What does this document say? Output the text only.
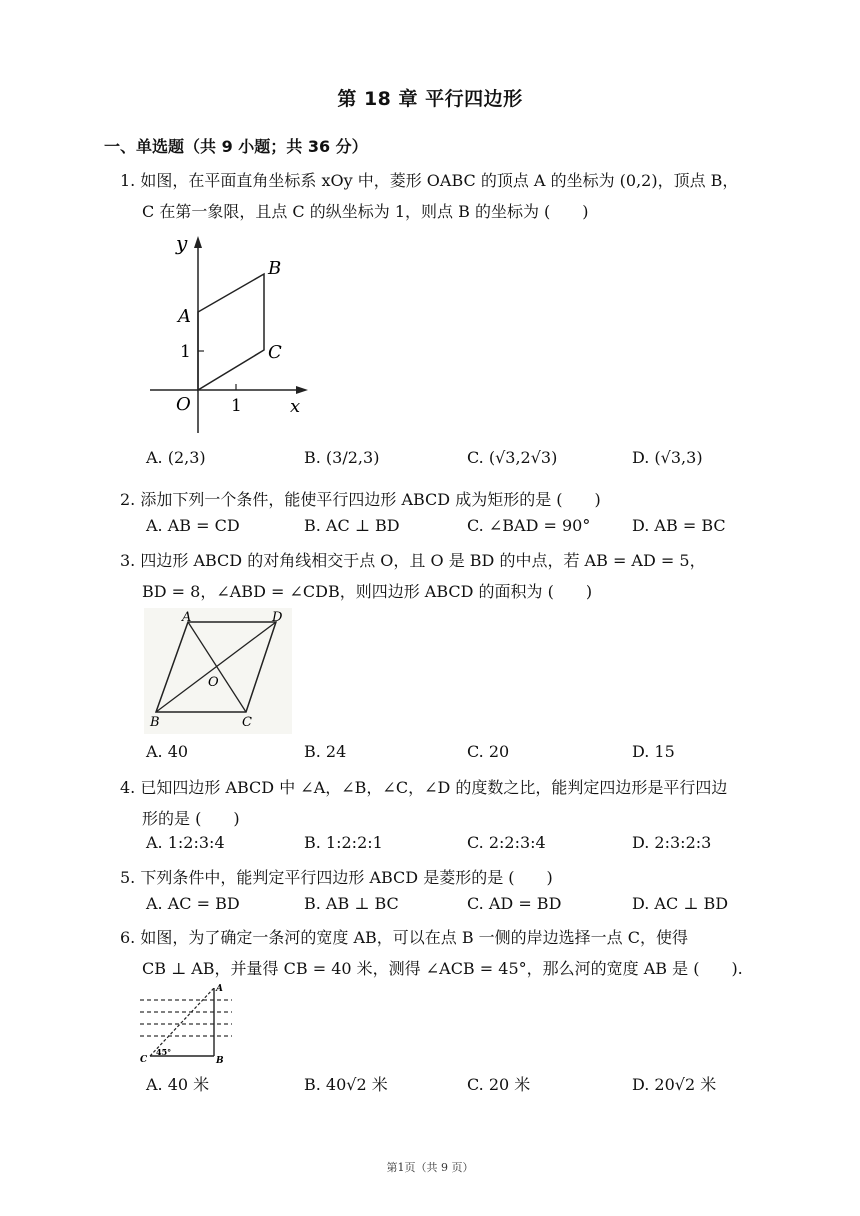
第 18 章 平行四边形
一、单选题（共 9 小题；共 36 分）
1. 如图，在平面直角坐标系 xOy 中，菱形 OABC 的顶点 A 的坐标为 (0,2)，顶点 B，
C 在第一象限，且点 C 的纵坐标为 1，则点 B 的坐标为 (　　)
y
B
A
1	C
O 1	x
A. (2,3)	B. (3/2,3)	C. (√3,2√3)	D. (√3,3)
2. 添加下列一个条件，能使平行四边形 ABCD 成为矩形的是 (　　)
A. AB = CD	B. AC ⊥ BD	C. ∠BAD = 90°	D. AB = BC
3. 四边形 ABCD 的对角线相交于点 O，且 O 是 BD 的中点，若 AB = AD = 5，
BD = 8，∠ABD = ∠CDB，则四边形 ABCD 的面积为 (　　)
A	D
O
B	C
A. 40	B. 24	C. 20	D. 15
4. 已知四边形 ABCD 中 ∠A，∠B，∠C，∠D 的度数之比，能判定四边形是平行四边
形的是 (　　)
A. 1:2:3:4	B. 1:2:2:1	C. 2:2:3:4	D. 2:3:2:3
5. 下列条件中，能判定平行四边形 ABCD 是菱形的是 (　　)
A. AC = BD	B. AB ⊥ BC	C. AD = BD	D. AC ⊥ BD
6. 如图，为了确定一条河的宽度 AB，可以在点 B 一侧的岸边选择一点 C，使得
CB ⊥ AB，并量得 CB = 40 米，测得 ∠ACB = 45°，那么河的宽度 AB 是 (　　).
A
C
45°
B
A. 40 米	B. 40√2 米	C. 20 米	D. 20√2 米
第1页（共 9 页）
